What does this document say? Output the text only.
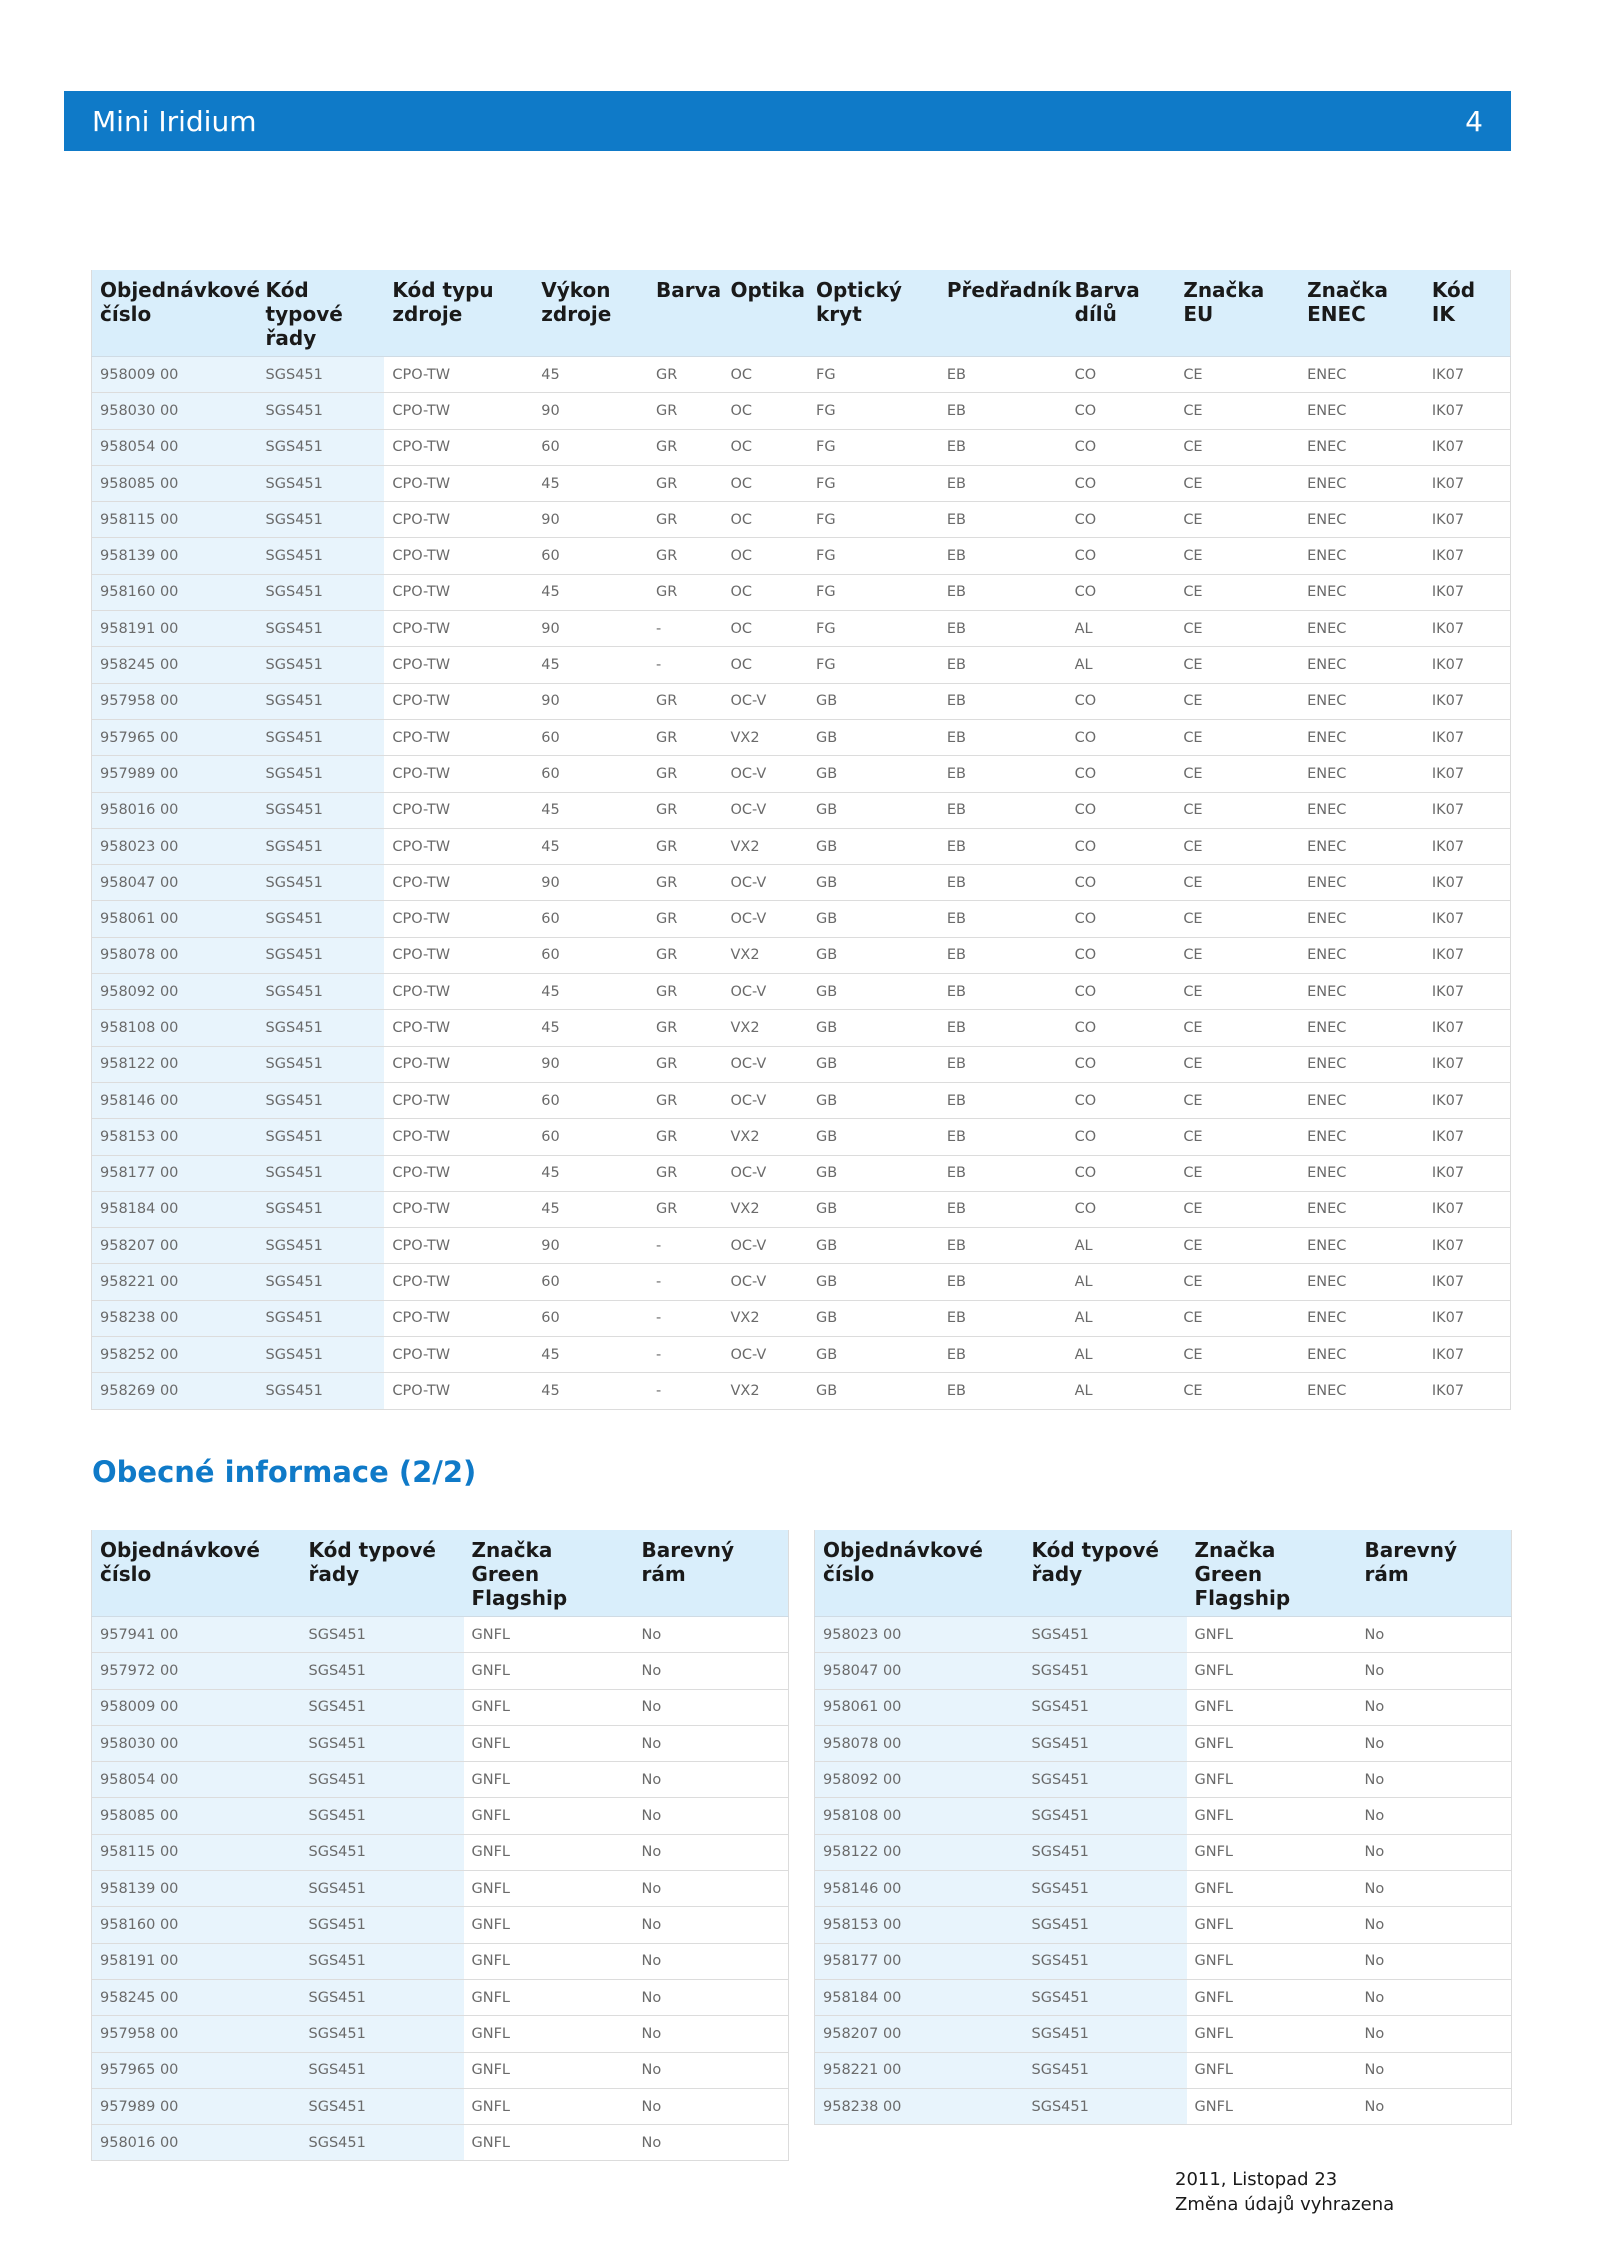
Mini Iridium	4
Objednávkové číslo	Kód typové řady	Kód typu zdroje	Výkon zdroje	Barva	Optika	Optický kryt	Předřadník	Barva dílů	Značka EU	Značka ENEC	Kód IK
958009 00	SGS451	CPO-TW	45	GR	OC	FG	EB	CO	CE	ENEC	IK07
958030 00	SGS451	CPO-TW	90	GR	OC	FG	EB	CO	CE	ENEC	IK07
958054 00	SGS451	CPO-TW	60	GR	OC	FG	EB	CO	CE	ENEC	IK07
958085 00	SGS451	CPO-TW	45	GR	OC	FG	EB	CO	CE	ENEC	IK07
958115 00	SGS451	CPO-TW	90	GR	OC	FG	EB	CO	CE	ENEC	IK07
958139 00	SGS451	CPO-TW	60	GR	OC	FG	EB	CO	CE	ENEC	IK07
958160 00	SGS451	CPO-TW	45	GR	OC	FG	EB	CO	CE	ENEC	IK07
958191 00	SGS451	CPO-TW	90	-	OC	FG	EB	AL	CE	ENEC	IK07
958245 00	SGS451	CPO-TW	45	-	OC	FG	EB	AL	CE	ENEC	IK07
957958 00	SGS451	CPO-TW	90	GR	OC-V	GB	EB	CO	CE	ENEC	IK07
957965 00	SGS451	CPO-TW	60	GR	VX2	GB	EB	CO	CE	ENEC	IK07
957989 00	SGS451	CPO-TW	60	GR	OC-V	GB	EB	CO	CE	ENEC	IK07
958016 00	SGS451	CPO-TW	45	GR	OC-V	GB	EB	CO	CE	ENEC	IK07
958023 00	SGS451	CPO-TW	45	GR	VX2	GB	EB	CO	CE	ENEC	IK07
958047 00	SGS451	CPO-TW	90	GR	OC-V	GB	EB	CO	CE	ENEC	IK07
958061 00	SGS451	CPO-TW	60	GR	OC-V	GB	EB	CO	CE	ENEC	IK07
958078 00	SGS451	CPO-TW	60	GR	VX2	GB	EB	CO	CE	ENEC	IK07
958092 00	SGS451	CPO-TW	45	GR	OC-V	GB	EB	CO	CE	ENEC	IK07
958108 00	SGS451	CPO-TW	45	GR	VX2	GB	EB	CO	CE	ENEC	IK07
958122 00	SGS451	CPO-TW	90	GR	OC-V	GB	EB	CO	CE	ENEC	IK07
958146 00	SGS451	CPO-TW	60	GR	OC-V	GB	EB	CO	CE	ENEC	IK07
958153 00	SGS451	CPO-TW	60	GR	VX2	GB	EB	CO	CE	ENEC	IK07
958177 00	SGS451	CPO-TW	45	GR	OC-V	GB	EB	CO	CE	ENEC	IK07
958184 00	SGS451	CPO-TW	45	GR	VX2	GB	EB	CO	CE	ENEC	IK07
958207 00	SGS451	CPO-TW	90	-	OC-V	GB	EB	AL	CE	ENEC	IK07
958221 00	SGS451	CPO-TW	60	-	OC-V	GB	EB	AL	CE	ENEC	IK07
958238 00	SGS451	CPO-TW	60	-	VX2	GB	EB	AL	CE	ENEC	IK07
958252 00	SGS451	CPO-TW	45	-	OC-V	GB	EB	AL	CE	ENEC	IK07
958269 00	SGS451	CPO-TW	45	-	VX2	GB	EB	AL	CE	ENEC	IK07
Obecné informace (2/2)
Objednávkové číslo	Kód typové řady	Značka Green Flagship	Barevný rám
957941 00	SGS451	GNFL	No
957972 00	SGS451	GNFL	No
958009 00	SGS451	GNFL	No
958030 00	SGS451	GNFL	No
958054 00	SGS451	GNFL	No
958085 00	SGS451	GNFL	No
958115 00	SGS451	GNFL	No
958139 00	SGS451	GNFL	No
958160 00	SGS451	GNFL	No
958191 00	SGS451	GNFL	No
958245 00	SGS451	GNFL	No
957958 00	SGS451	GNFL	No
957965 00	SGS451	GNFL	No
957989 00	SGS451	GNFL	No
958016 00	SGS451	GNFL	No
Objednávkové číslo	Kód typové řady	Značka Green Flagship	Barevný rám
958023 00	SGS451	GNFL	No
958047 00	SGS451	GNFL	No
958061 00	SGS451	GNFL	No
958078 00	SGS451	GNFL	No
958092 00	SGS451	GNFL	No
958108 00	SGS451	GNFL	No
958122 00	SGS451	GNFL	No
958146 00	SGS451	GNFL	No
958153 00	SGS451	GNFL	No
958177 00	SGS451	GNFL	No
958184 00	SGS451	GNFL	No
958207 00	SGS451	GNFL	No
958221 00	SGS451	GNFL	No
958238 00	SGS451	GNFL	No
2011, Listopad 23
Změna údajů vyhrazena
